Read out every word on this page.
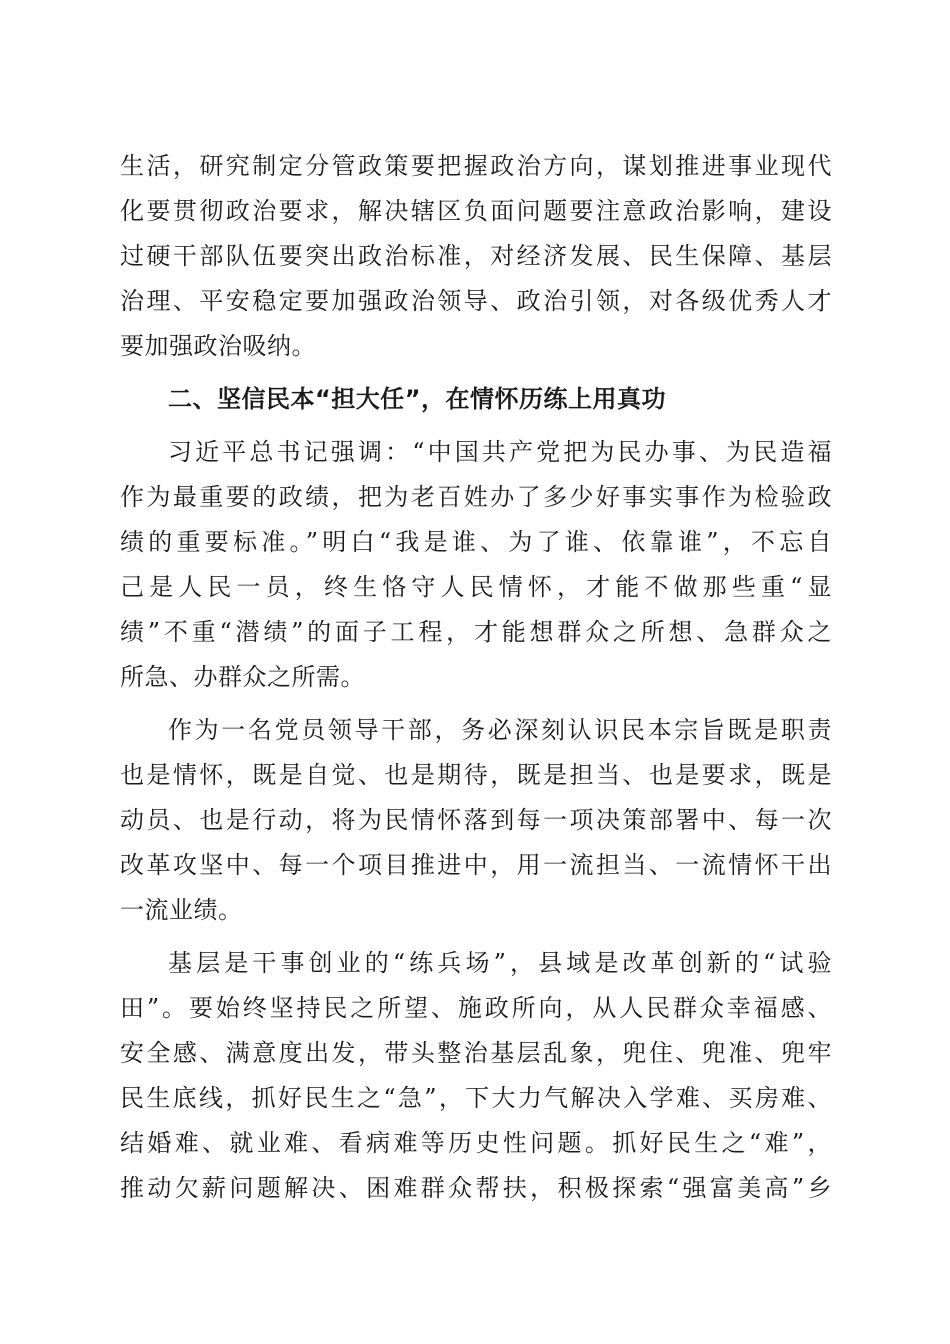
生活，研究制定分管政策要把握政治方向，谋划推进事业现代
化要贯彻政治要求，解决辖区负面问题要注意政治影响，建设
过硬干部队伍要突出政治标准，对经济发展、民生保障、基层
治理、平安稳定要加强政治领导、政治引领，对各级优秀人才
要加强政治吸纳。
二、坚信民本“担大任”，在情怀历练上用真功
习近平总书记强调：“中国共产党把为民办事、为民造福
作为最重要的政绩，把为老百姓办了多少好事实事作为检验政
绩的重要标准。”明白“我是谁、为了谁、依靠谁”，不忘自
己是人民一员，终生恪守人民情怀，才能不做那些重“显
绩”不重“潜绩”的面子工程，才能想群众之所想、急群众之
所急、办群众之所需。
作为一名党员领导干部，务必深刻认识民本宗旨既是职责
也是情怀，既是自觉、也是期待，既是担当、也是要求，既是
动员、也是行动，将为民情怀落到每一项决策部署中、每一次
改革攻坚中、每一个项目推进中，用一流担当、一流情怀干出
一流业绩。
基层是干事创业的“练兵场”，县域是改革创新的“试验
田”。要始终坚持民之所望、施政所向，从人民群众幸福感、
安全感、满意度出发，带头整治基层乱象，兜住、兜准、兜牢
民生底线，抓好民生之“急”，下大力气解决入学难、买房难、
结婚难、就业难、看病难等历史性问题。抓好民生之“难”，
推动欠薪问题解决、困难群众帮扶，积极探索“强富美高”乡
